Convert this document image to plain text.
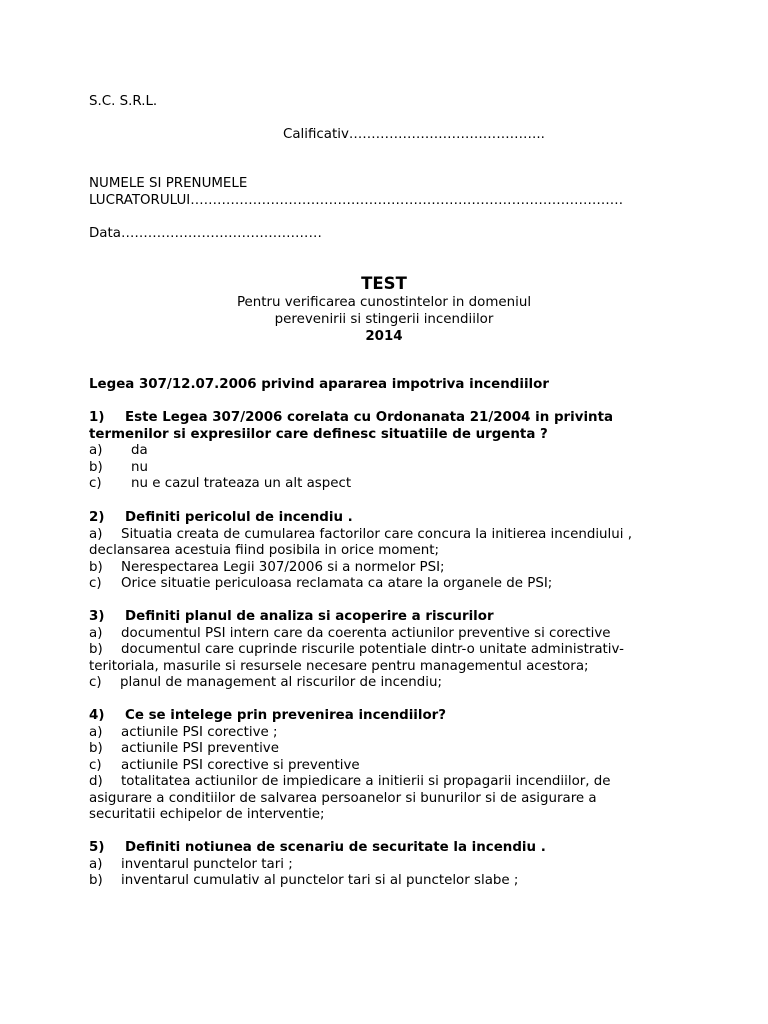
S.C. S.R.L.
Calificativ……………………………………..
NUMELE SI PRENUMELE
LUCRATORULUI…………………………………………………………………………………….
Data………………………………………
TEST
Pentru verificarea cunostintelor in domeniul
perevenirii si stingerii incendiilor
2014
Legea 307/12.07.2006 privind apararea impotriva incendiilor
1) Este Legea 307/2006 corelata cu Ordonanata 21/2004 in privinta
termenilor si expresiilor care definesc situatiile de urgenta ?
a)	da
b)	nu
c)	nu e cazul trateaza un alt aspect
2) Definiti pericolul de incendiu .
a)	Situatia creata de cumularea factorilor care concura la initierea incendiului ,
declansarea acestuia fiind posibila in orice moment;
b)	Nerespectarea Legii 307/2006 si a normelor PSI;
c)	Orice situatie periculoasa reclamata ca atare la organele de PSI;
3) Definiti planul de analiza si acoperire a riscurilor
a)	documentul PSI intern care da coerenta actiunilor preventive si corective
b)	documentul care cuprinde riscurile potentiale dintr-o unitate administrativ-
teritoriala, masurile si resursele necesare pentru managementul acestora;
c)	planul de management al riscurilor de incendiu;
4) Ce se intelege prin prevenirea incendiilor?
a)	actiunile PSI corective ;
b)	actiunile PSI preventive
c)	actiunile PSI corective si preventive
d)	totalitatea actiunilor de impiedicare a initierii si propagarii incendiilor, de
asigurare a conditiilor de salvarea persoanelor si bunurilor si de asigurare a
securitatii echipelor de interventie;
5) Definiti notiunea de scenariu de securitate la incendiu .
a)	inventarul punctelor tari ;
b)	inventarul cumulativ al punctelor tari si al punctelor slabe ;
